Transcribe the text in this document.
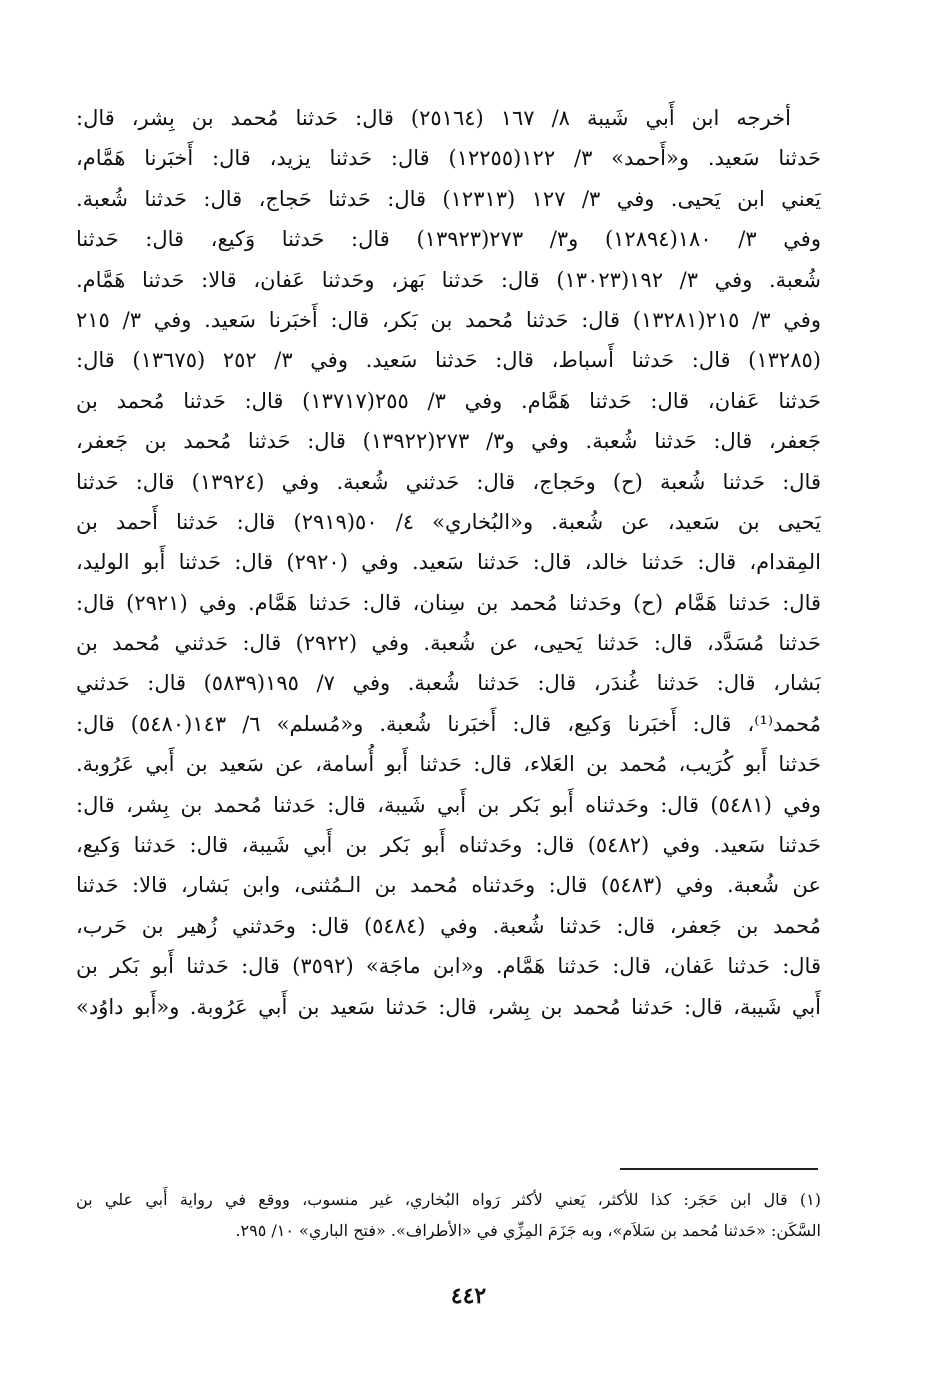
أخرجه ابن أَبي شَيبة ٨/ ١٦٧ (٢٥١٦٤) قال: حَدثنا مُحمد بن بِشر، قال:
حَدثنا سَعيد. و«أَحمد» ٣/ ١٢٢(١٢٢٥٥) قال: حَدثنا يزيد، قال: أَخبَرنا هَمَّام،
يَعني ابن يَحيى. وفي ٣/ ١٢٧ (١٢٣١٣) قال: حَدثنا حَجاج، قال: حَدثنا شُعبة.
وفي ٣/ ١٨٠(١٢٨٩٤) و٣/ ٢٧٣(١٣٩٢٣) قال: حَدثنا وَكيع، قال: حَدثنا
شُعبة. وفي ٣/ ١٩٢(١٣٠٢٣) قال: حَدثنا بَهز، وحَدثنا عَفان، قالا: حَدثنا هَمَّام.
وفي ٣/ ٢١٥(١٣٢٨١) قال: حَدثنا مُحمد بن بَكر، قال: أَخبَرنا سَعيد. وفي ٣/ ٢١٥
(١٣٢٨٥) قال: حَدثنا أَسباط، قال: حَدثنا سَعيد. وفي ٣/ ٢٥٢ (١٣٦٧٥) قال:
حَدثنا عَفان، قال: حَدثنا هَمَّام. وفي ٣/ ٢٥٥(١٣٧١٧) قال: حَدثنا مُحمد بن
جَعفر، قال: حَدثنا شُعبة. وفي و٣/ ٢٧٣(١٣٩٢٢) قال: حَدثنا مُحمد بن جَعفر،
قال: حَدثنا شُعبة (ح) وحَجاج، قال: حَدثني شُعبة. وفي (١٣٩٢٤) قال: حَدثنا
يَحيى بن سَعيد، عن شُعبة. و«البُخاري» ٤/ ٥٠(٢٩١٩) قال: حَدثنا أَحمد بن
المِقدام، قال: حَدثنا خالد، قال: حَدثنا سَعيد. وفي (٢٩٢٠) قال: حَدثنا أَبو الوليد،
قال: حَدثنا هَمَّام (ح) وحَدثنا مُحمد بن سِنان، قال: حَدثنا هَمَّام. وفي (٢٩٢١) قال:
حَدثنا مُسَدَّد، قال: حَدثنا يَحيى، عن شُعبة. وفي (٢٩٢٢) قال: حَدثني مُحمد بن
بَشار، قال: حَدثنا غُندَر، قال: حَدثنا شُعبة. وفي ٧/ ١٩٥(٥٨٣٩) قال: حَدثني
مُحمد⁽¹⁾، قال: أَخبَرنا وَكيع، قال: أَخبَرنا شُعبة. و«مُسلم» ٦/ ١٤٣(٥٤٨٠) قال:
حَدثنا أَبو كُرَيب، مُحمد بن العَلاء، قال: حَدثنا أَبو أُسامة، عن سَعيد بن أَبي عَرُوبة.
وفي (٥٤٨١) قال: وحَدثناه أَبو بَكر بن أَبي شَيبة، قال: حَدثنا مُحمد بن بِشر، قال:
حَدثنا سَعيد. وفي (٥٤٨٢) قال: وحَدثناه أَبو بَكر بن أَبي شَيبة، قال: حَدثنا وَكيع،
عن شُعبة. وفي (٥٤٨٣) قال: وحَدثناه مُحمد بن الـمُثنى، وابن بَشار، قالا: حَدثنا
مُحمد بن جَعفر، قال: حَدثنا شُعبة. وفي (٥٤٨٤) قال: وحَدثني زُهير بن حَرب،
قال: حَدثنا عَفان، قال: حَدثنا هَمَّام. و«ابن ماجَة» (٣٥٩٢) قال: حَدثنا أَبو بَكر بن
أَبي شَيبة، قال: حَدثنا مُحمد بن بِشر، قال: حَدثنا سَعيد بن أَبي عَرُوبة. و«أَبو داوُد»
(١) قال ابن حَجَر: كذا للأكثر، يَعني لأكثر رَواه البُخاري، غير منسوب، ووقع في رواية أَبي علي بن
السَّكَن: «حَدثنا مُحمد بن سَلاَم»، وبه جَزَمَ المِزِّي في «الأطراف». «فتح الباري» ١٠/ ٢٩٥.
٤٤٢
